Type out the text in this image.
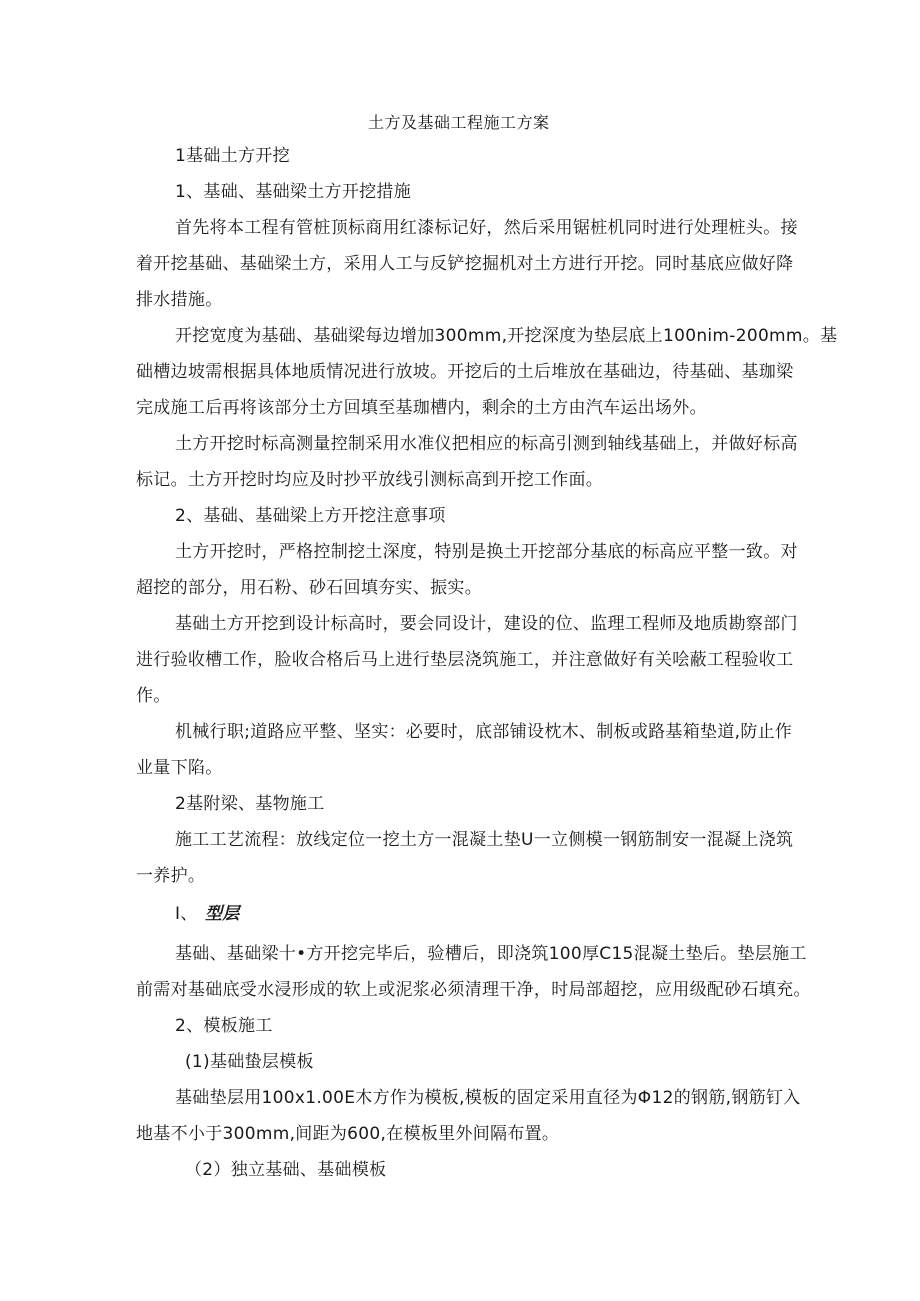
土方及基础工程施工方案
1基础土方开挖
1、基础、基础梁土方开挖措施
首先将本工程有管桩顶标商用红漆标记好，然后采用锯桩机同时进行处理桩头。接
着开挖基础、基础梁土方，采用人工与反铲挖掘机对土方进行开挖。同时基底应做好降
排水措施。
开挖宽度为基础、基础梁每边增加300mm,开挖深度为垫层底上100nim-200mm。基
础槽边坡需根据具体地质情况进行放坡。开挖后的土后堆放在基础边，待基础、基珈梁
完成施工后再将该部分土方回填至基珈槽内，剩余的土方由汽车运出场外。
土方开挖时标高测量控制采用水准仪把相应的标高引测到轴线基础上，并做好标高
标记。土方开挖时均应及时抄平放线引测标高到开挖工作面。
2、基础、基础梁上方开挖注意事项
土方开挖时，严格控制挖土深度，特别是换土开挖部分基底的标高应平整一致。对
超挖的部分，用石粉、砂石回填夯实、振实。
基础土方开挖到设计标高时，要会同设计，建设的位、监理工程师及地质勘察部门
进行验收槽工作，脸收合格后马上进行垫层浇筑施工，并注意做好有关哙蔽工程验收工
作。
机械行职;道路应平整、坚实：必要时，底部铺设枕木、制板或路基箱垫道,防止作
业量下陷。
2基附梁、基物施工
施工工艺流程：放线定位一挖土方一混凝土垫U一立侧模一钢筋制安一混凝上浇筑
一养护。
I、 型层
基础、基础梁十•方开挖完毕后，验槽后，即浇筑100厚C15混凝土垫后。垫层施工
前需对基础底受水浸形成的软上或泥浆必须清理干净，时局部超挖，应用级配砂石填充。
2、模板施工
(1)基础蛰层模板
基础垫层用100x1.00E木方作为模板,模板的固定采用直径为Φ12的钢筋,钢筋钉入
地基不小于300mm,间距为600,在模板里外间隔布置。
（2）独立基础、基础模板
